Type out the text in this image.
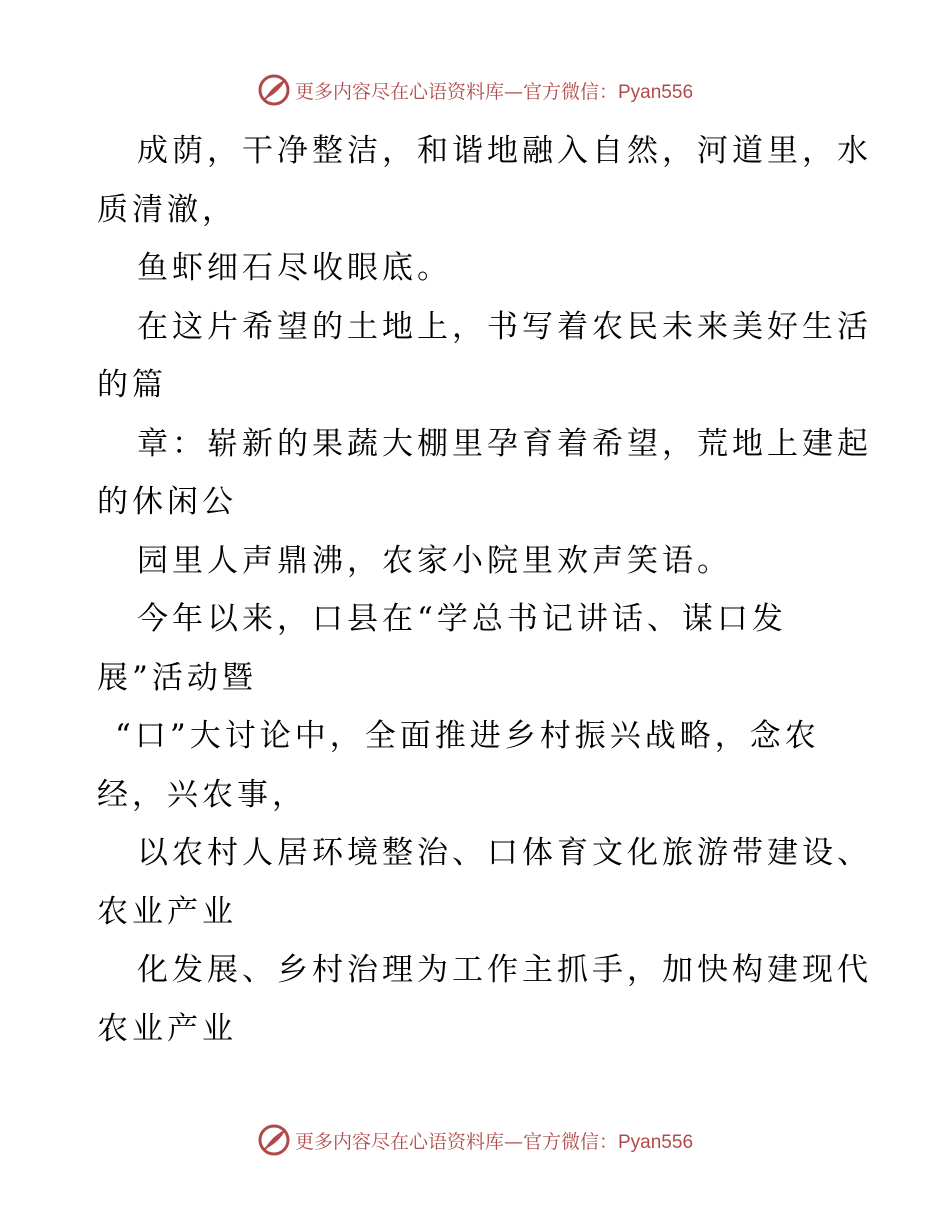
更多内容尽在心语资料库—官方微信：Pyan556
成荫，干净整洁，和谐地融入自然，河道里，水
质清澈，
鱼虾细石尽收眼底。
在这片希望的土地上，书写着农民未来美好生活
的篇
章：崭新的果蔬大棚里孕育着希望，荒地上建起
的休闲公
园里人声鼎沸，农家小院里欢声笑语。
今年以来，口县在“学总书记讲话、谋口发
展”活动暨
“口”大讨论中，全面推进乡村振兴战略，念农
经，兴农事，
以农村人居环境整治、口体育文化旅游带建设、
农业产业
化发展、乡村治理为工作主抓手，加快构建现代
农业产业
更多内容尽在心语资料库—官方微信：Pyan556
